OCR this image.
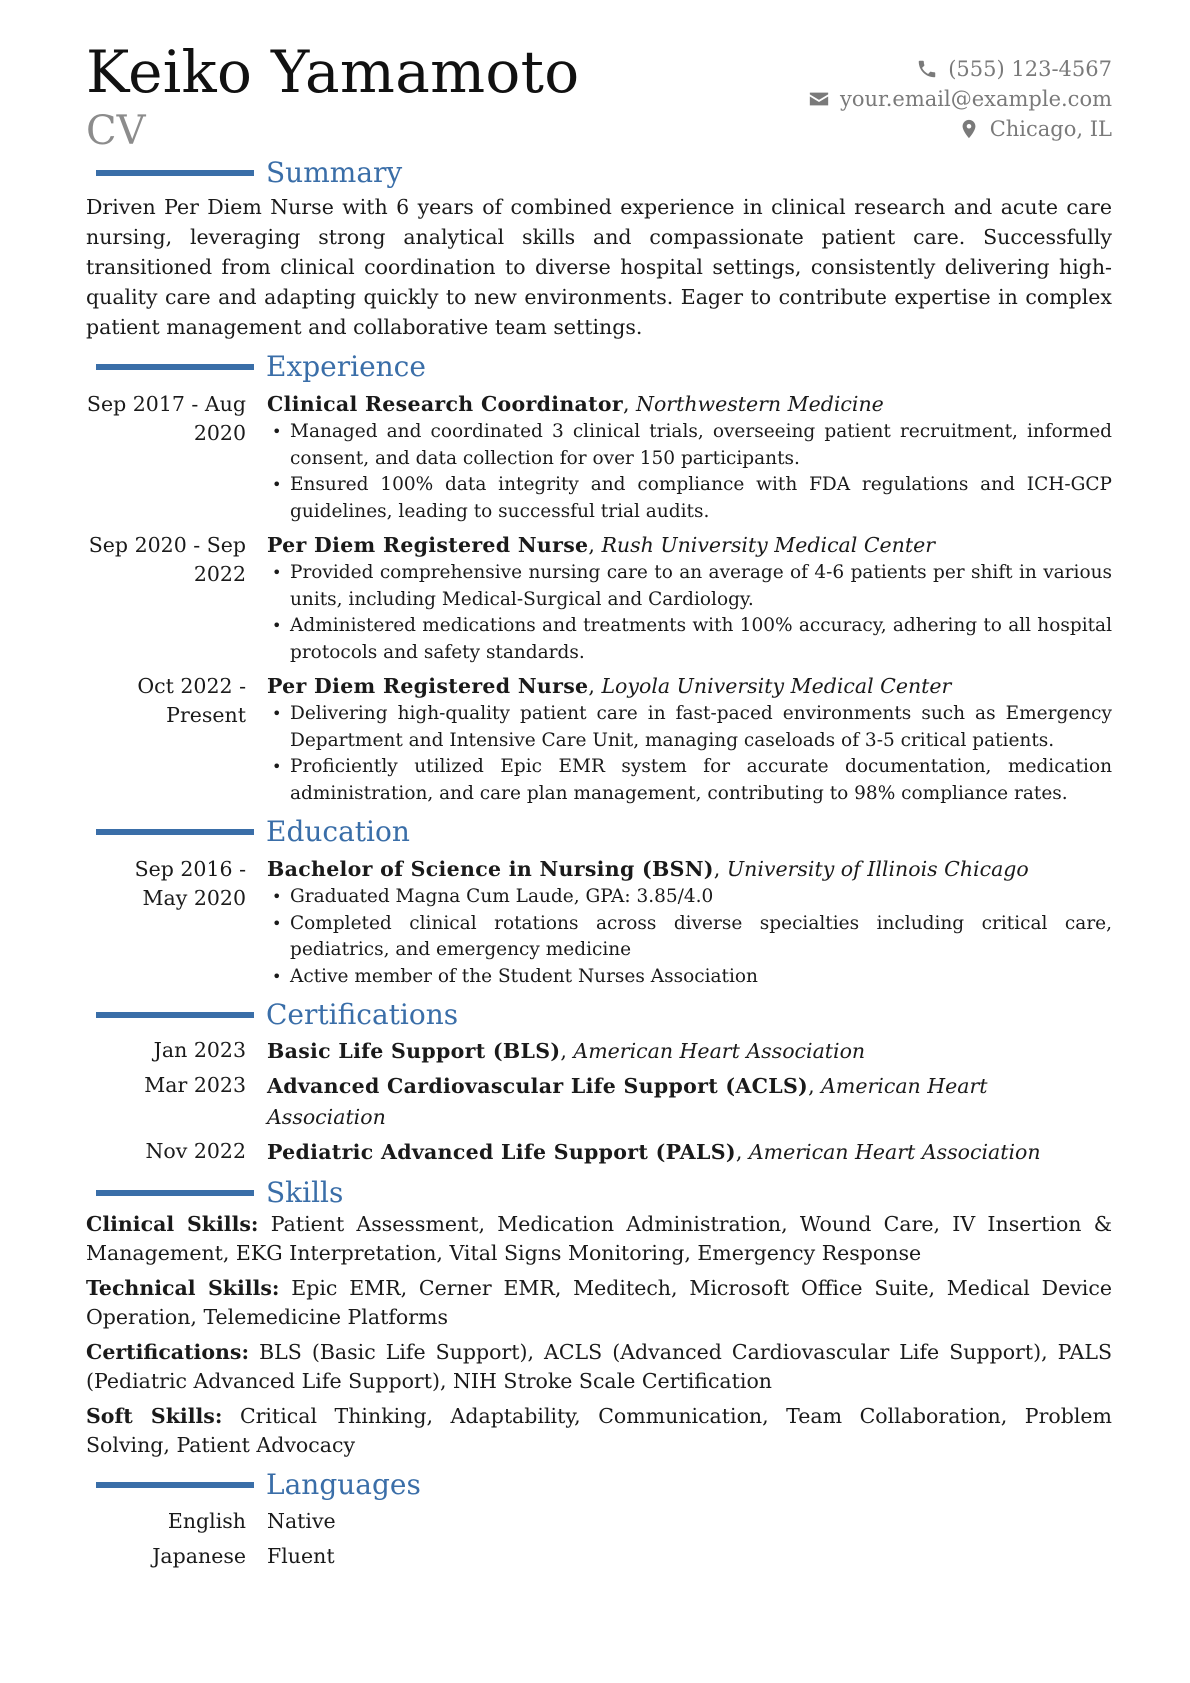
Keiko Yamamoto
CV
(555) 123-4567
your.email@example.com
Chicago, IL
Summary
Driven Per Diem Nurse with 6 years of combined experience in clinical research and acute care nursing, leveraging strong analytical skills and compassionate patient care. Successfully transitioned from clinical coordination to diverse hospital settings, consistently delivering high-quality care and adapting quickly to new environments. Eager to contribute expertise in complex patient management and collaborative team settings.
Experience
Sep 2017 - Aug 2020
Clinical Research Coordinator, Northwestern Medicine
• Managed and coordinated 3 clinical trials, overseeing patient recruitment, informed consent, and data collection for over 150 participants.
• Ensured 100% data integrity and compliance with FDA regulations and ICH-GCP guidelines, leading to successful trial audits.
Sep 2020 - Sep 2022
Per Diem Registered Nurse, Rush University Medical Center
• Provided comprehensive nursing care to an average of 4-6 patients per shift in various units, including Medical-Surgical and Cardiology.
• Administered medications and treatments with 100% accuracy, adhering to all hospital protocols and safety standards.
Oct 2022 - Present
Per Diem Registered Nurse, Loyola University Medical Center
• Delivering high-quality patient care in fast-paced environments such as Emergency Department and Intensive Care Unit, managing caseloads of 3-5 critical patients.
• Proficiently utilized Epic EMR system for accurate documentation, medication administration, and care plan management, contributing to 98% compliance rates.
Education
Sep 2016 - May 2020
Bachelor of Science in Nursing (BSN), University of Illinois Chicago
• Graduated Magna Cum Laude, GPA: 3.85/4.0
• Completed clinical rotations across diverse specialties including critical care, pediatrics, and emergency medicine
• Active member of the Student Nurses Association
Certifications
Jan 2023	Basic Life Support (BLS), American Heart Association
Mar 2023	Advanced Cardiovascular Life Support (ACLS), American Heart Association
Nov 2022	Pediatric Advanced Life Support (PALS), American Heart Association
Skills
Clinical Skills: Patient Assessment, Medication Administration, Wound Care, IV Insertion & Management, EKG Interpretation, Vital Signs Monitoring, Emergency Response
Technical Skills: Epic EMR, Cerner EMR, Meditech, Microsoft Office Suite, Medical Device Operation, Telemedicine Platforms
Certifications: BLS (Basic Life Support), ACLS (Advanced Cardiovascular Life Support), PALS (Pediatric Advanced Life Support), NIH Stroke Scale Certification
Soft Skills: Critical Thinking, Adaptability, Communication, Team Collaboration, Problem Solving, Patient Advocacy
Languages
English	Native
Japanese	Fluent
